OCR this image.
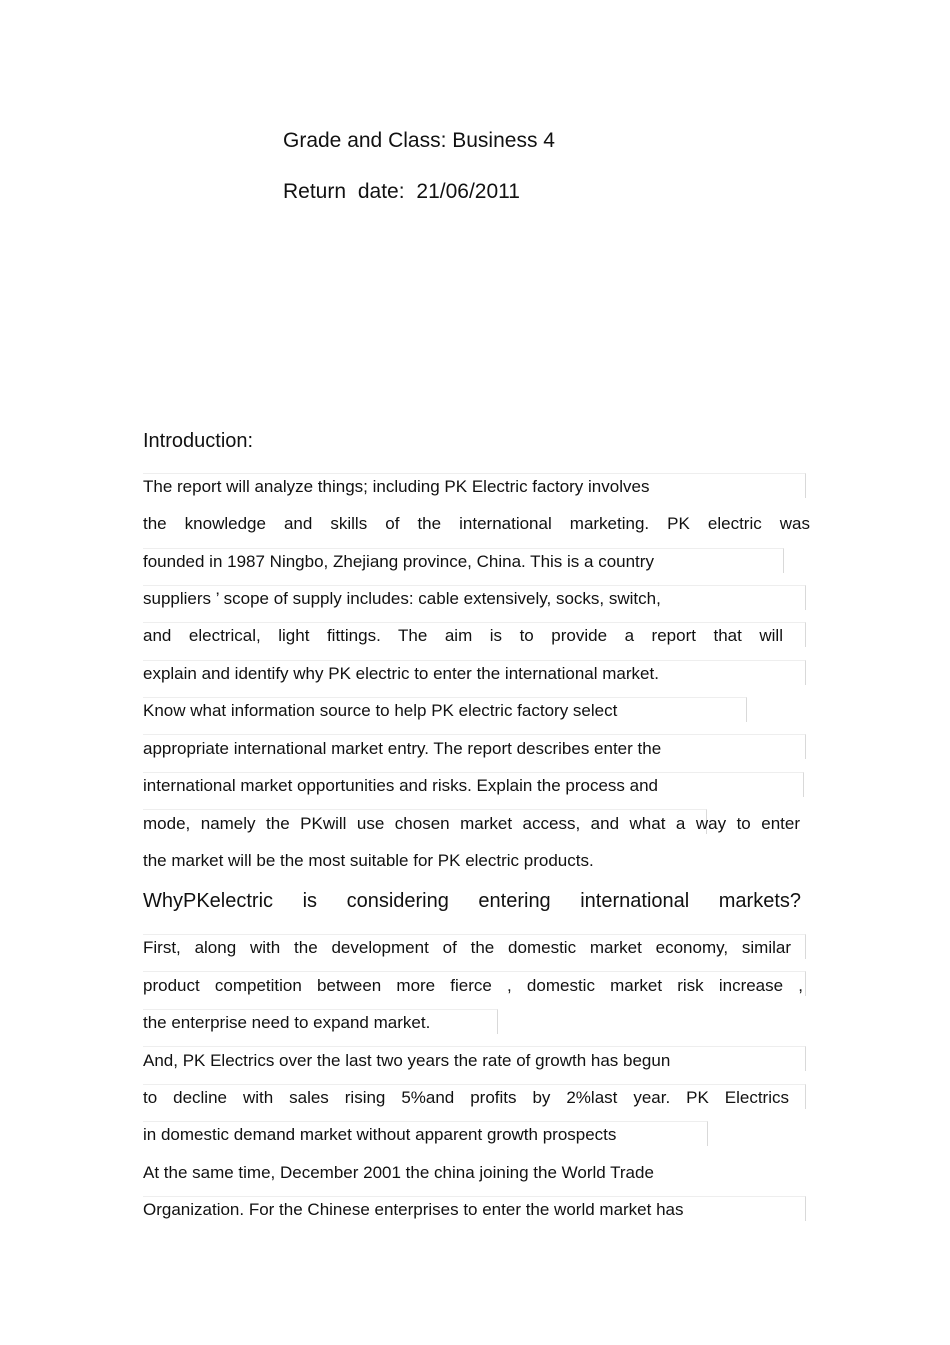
Grade and Class: Business 4
Return date: 21/06/2011
Introduction:
The report will analyze things; including PK Electric factory involves
the knowledge and skills of the international marketing. PK electric was
founded in 1987 Ningbo, Zhejiang province, China. This is a country
suppliers ’ scope of supply includes: cable extensively, socks, switch,
and electrical, light fittings. The aim is to provide a report that will
explain and identify why PK electric to enter the international market.
Know what information source to help PK electric factory select
appropriate international market entry. The report describes enter the
international market opportunities and risks. Explain the process and
mode, namely the PKwill use chosen market access, and what a way to enter
the market will be the most suitable for PK electric products.
WhyPKelectric is considering entering international markets?
First, along with the development of the domestic market economy, similar
product competition between more fierce , domestic market risk increase ,
the enterprise need to expand market.
And, PK Electrics over the last two years the rate of growth has begun
to decline with sales rising 5%and profits by 2%last year. PK Electrics
in domestic demand market without apparent growth prospects
At the same time, December 2001 the china joining the World Trade
Organization. For the Chinese enterprises to enter the world market has
